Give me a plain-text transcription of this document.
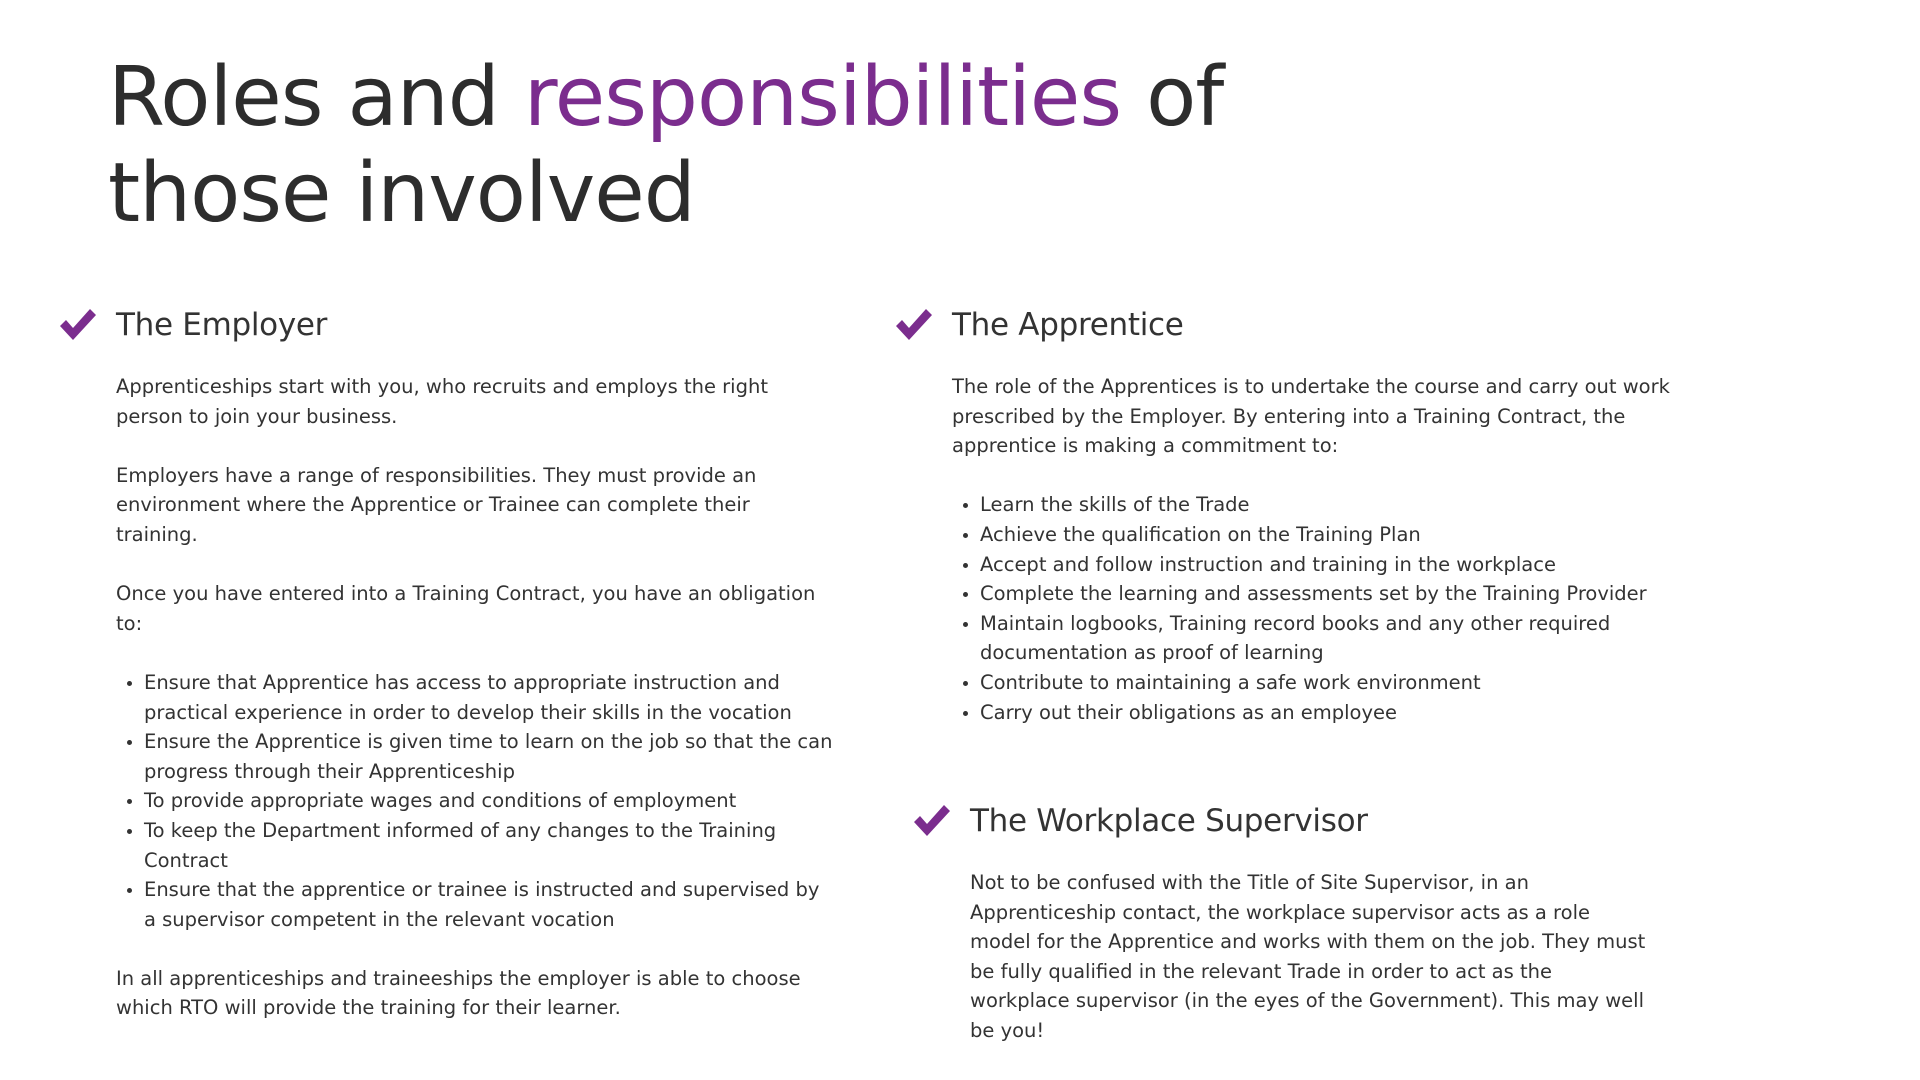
Roles and responsibilities of
those involved
The Employer

Apprenticeships start with you, who recruits and employs the right person to join your business.

Employers have a range of responsibilities. They must provide an environment where the Apprentice or Trainee can complete their training.

Once you have entered into a Training Contract, you have an obligation to:

• Ensure that Apprentice has access to appropriate instruction and practical experience in order to develop their skills in the vocation
• Ensure the Apprentice is given time to learn on the job so that the can progress through their Apprenticeship
• To provide appropriate wages and conditions of employment
• To keep the Department informed of any changes to the Training Contract
• Ensure that the apprentice or trainee is instructed and supervised by a supervisor competent in the relevant vocation

In all apprenticeships and traineeships the employer is able to choose which RTO will provide the training for their learner.

The Apprentice

The role of the Apprentices is to undertake the course and carry out work prescribed by the Employer. By entering into a Training Contract, the apprentice is making a commitment to:

• Learn the skills of the Trade
• Achieve the qualification on the Training Plan
• Accept and follow instruction and training in the workplace
• Complete the learning and assessments set by the Training Provider
• Maintain logbooks, Training record books and any other required documentation as proof of learning
• Contribute to maintaining a safe work environment
• Carry out their obligations as an employee
The Workplace Supervisor

Not to be confused with the Title of Site Supervisor, in an Apprenticeship contact, the workplace supervisor acts as a role model for the Apprentice and works with them on the job. They must be fully qualified in the relevant Trade in order to act as the workplace supervisor (in the eyes of the Government). This may well be you!
